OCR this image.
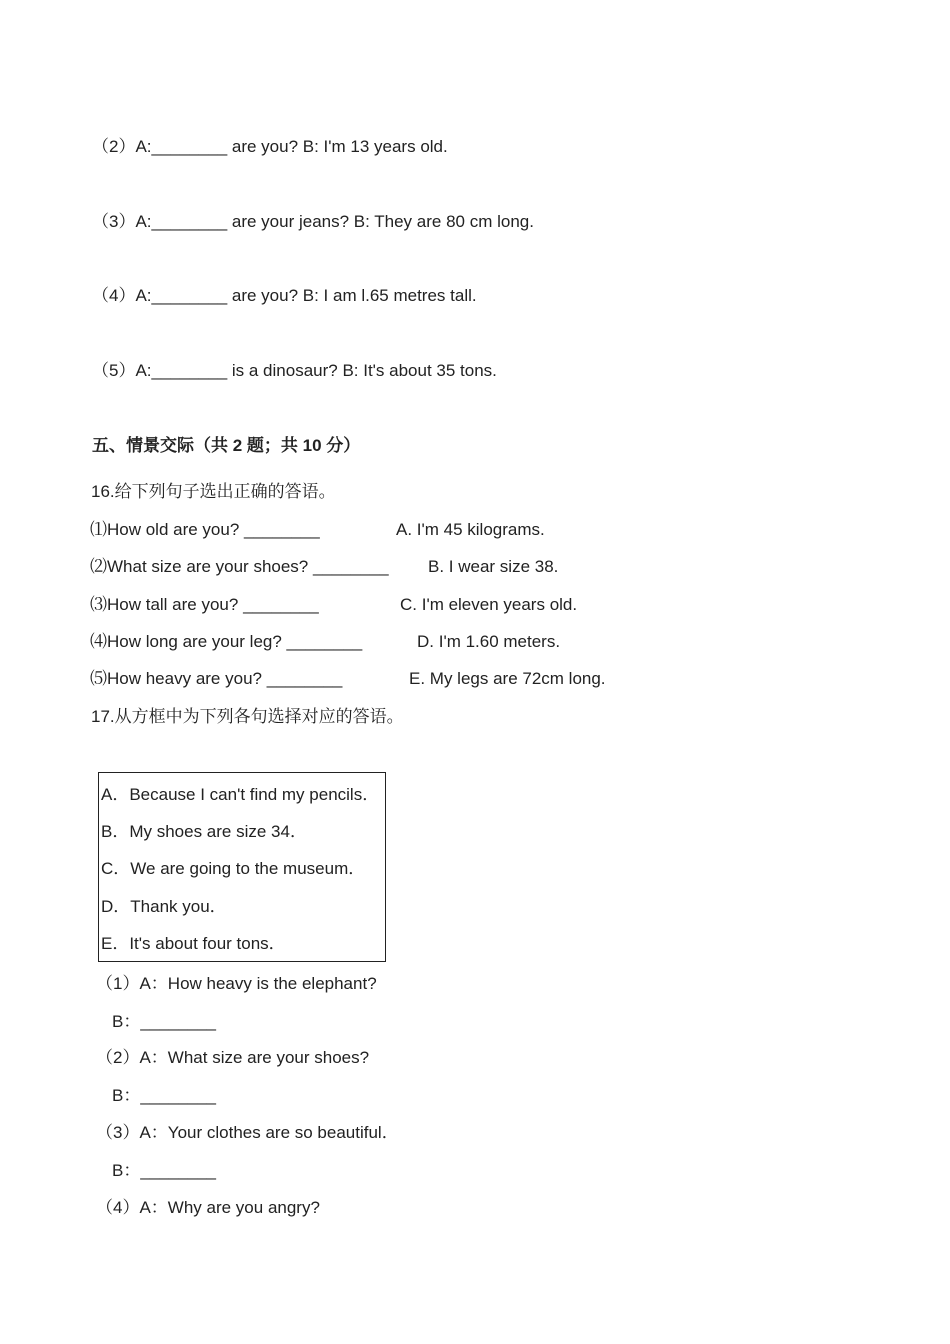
（2）A:________ are you? B: I'm 13 years old.
（3）A:________ are your jeans? B: They are 80 cm long.
（4）A:________ are you? B: I am l.65 metres tall.
（5）A:________ is a dinosaur? B: It's about 35 tons.
五、情景交际（共 2 题；共 10 分）
16.给下列句子选出正确的答语。
⑴How old are you? ________	A. I'm 45 kilograms.
⑵What size are your shoes? ________ B. I wear size 38.
⑶How tall are you? ________	C. I'm eleven years old.
⑷How long are your leg? ________	D. I'm 1.60 meters.
⑸How heavy are you? ________	E. My legs are 72cm long.
17.从方框中为下列各句选择对应的答语。
A．Because I can't find my pencils．
B．My shoes are size 34．
C．We are going to the museum．
D．Thank you．
E．It's about four tons．
（1）A：How heavy is the elephant?
B：________
（2）A：What size are your shoes?
B：________
（3）A：Your clothes are so beautiful．
B：________
（4）A：Why are you angry?
